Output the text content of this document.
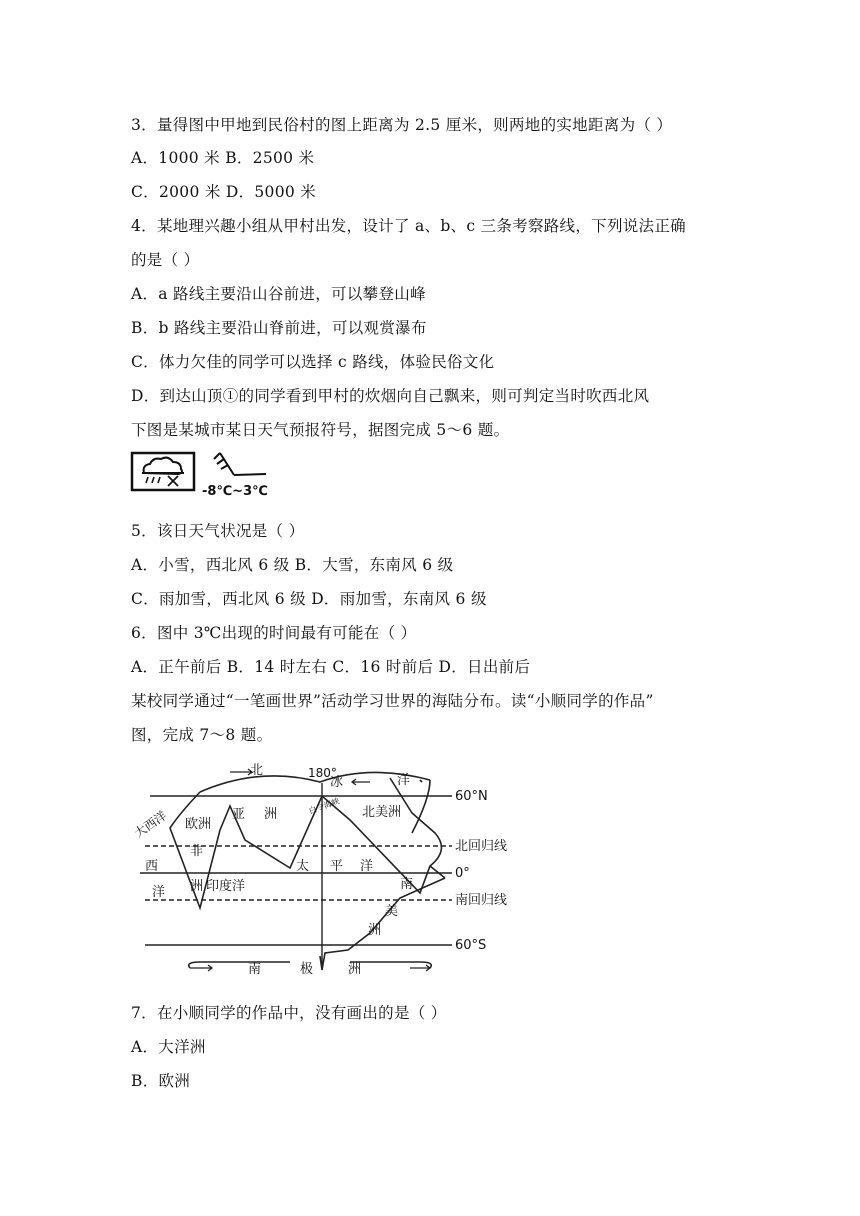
3．量得图中甲地到民俗村的图上距离为 2.5 厘米，则两地的实地距离为（ ）
A．1000 米 B．2500 米
C．2000 米 D．5000 米
4．某地理兴趣小组从甲村出发，设计了 a、b、c 三条考察路线，下列说法正确
的是（ ）
A．a 路线主要沿山谷前进，可以攀登山峰
B．b 路线主要沿山脊前进，可以观赏瀑布
C．体力欠佳的同学可以选择 c 路线，体验民俗文化
D．到达山顶①的同学看到甲村的炊烟向自己飘来，则可判定当时吹西北风
下图是某城市某日天气预报符号，据图完成 5～6 题。
-8℃~3℃
5．该日天气状况是（ ）
A．小雪，西北风 6 级 B．大雪，东南风 6 级
C．雨加雪，西北风 6 级 D．雨加雪，东南风 6 级
6．图中 3℃出现的时间最有可能在（ ）
A．正午前后 B．14 时左右 C．16 时前后 D．日出前后
某校同学通过“一笔画世界”活动学习世界的海陆分布。读“小顺同学的作品”
图，完成 7～8 题。
北	180°
冰	洋
60°N
北回归线
0°
南回归线
60°S
欧洲
亚 洲	北美洲
白令海峡
大西洋
非
洲
西
洋	印度洋
太 平 洋
南
美
洲
南	极	洲
7．在小顺同学的作品中，没有画出的是（ ）
A．大洋洲
B．欧洲
